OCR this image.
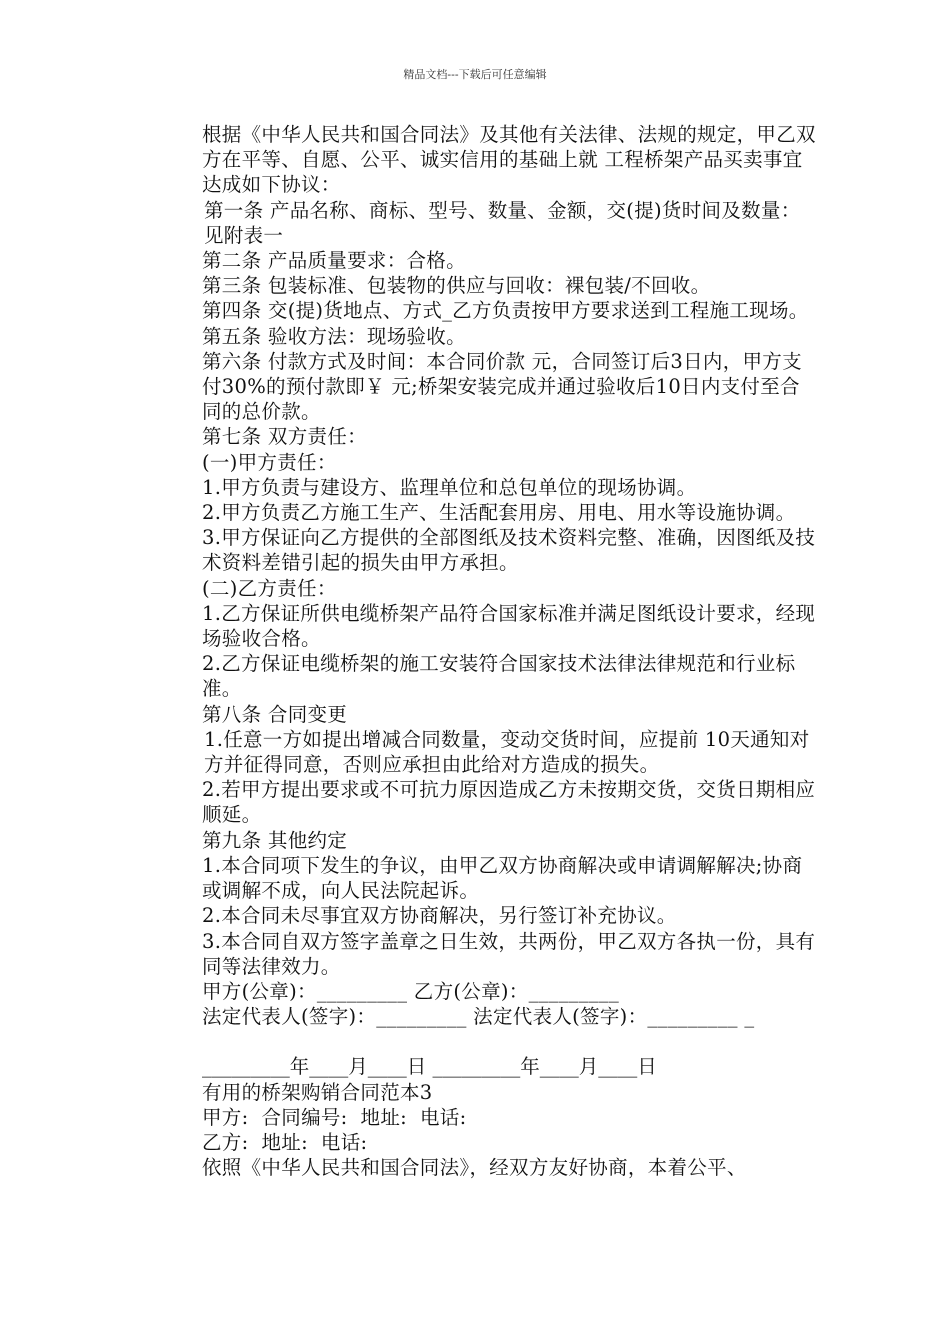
精品文档---下载后可任意编辑

根据《中华人民共和国合同法》及其他有关法律、法规的规定，甲乙双方在平等、自愿、公平、诚实信用的基础上就 工程桥架产品买卖事宜达成如下协议：

第一条 产品名称、商标、型号、数量、金额，交(提)货时间及数量：见附表一

第二条 产品质量要求：合格。

第三条 包装标准、包装物的供应与回收：裸包装/不回收。

第四条 交(提)货地点、方式_乙方负责按甲方要求送到工程施工现场。

第五条 验收方法：现场验收。

第六条 付款方式及时间：本合同价款 元，合同签订后3日内，甲方支付30%的预付款即￥ 元;桥架安装完成并通过验收后10日内支付至合同的总价款。

第七条 双方责任：

(一)甲方责任：

1.甲方负责与建设方、监理单位和总包单位的现场协调。

2.甲方负责乙方施工生产、生活配套用房、用电、用水等设施协调。

3.甲方保证向乙方提供的全部图纸及技术资料完整、准确，因图纸及技术资料差错引起的损失由甲方承担。

(二)乙方责任：

1.乙方保证所供电缆桥架产品符合国家标准并满足图纸设计要求，经现场验收合格。

2.乙方保证电缆桥架的施工安装符合国家技术法律法律规范和行业标准。

第八条 合同变更

1.任意一方如提出增减合同数量，变动交货时间，应提前 10天通知对方并征得同意，否则应承担由此给对方造成的损失。

2.若甲方提出要求或不可抗力原因造成乙方未按期交货，交货日期相应顺延。

第九条 其他约定

1.本合同项下发生的争议，由甲乙双方协商解决或申请调解解决;协商或调解不成，向人民法院起诉。

2.本合同未尽事宜双方协商解决，另行签订补充协议。

3.本合同自双方签字盖章之日生效，共两份，甲乙双方各执一份，具有同等法律效力。

甲方(公章)：_________ 乙方(公章)：_________

法定代表人(签字)：_________ 法定代表人(签字)：_________ _

_________年____月____日 _________年____月____日

有用的桥架购销合同范本3

甲方:  合同编号:  地址:  电话:

乙方:  地址:  电话:

依照《中华人民共和国合同法》，经双方友好协商，本着公平、
